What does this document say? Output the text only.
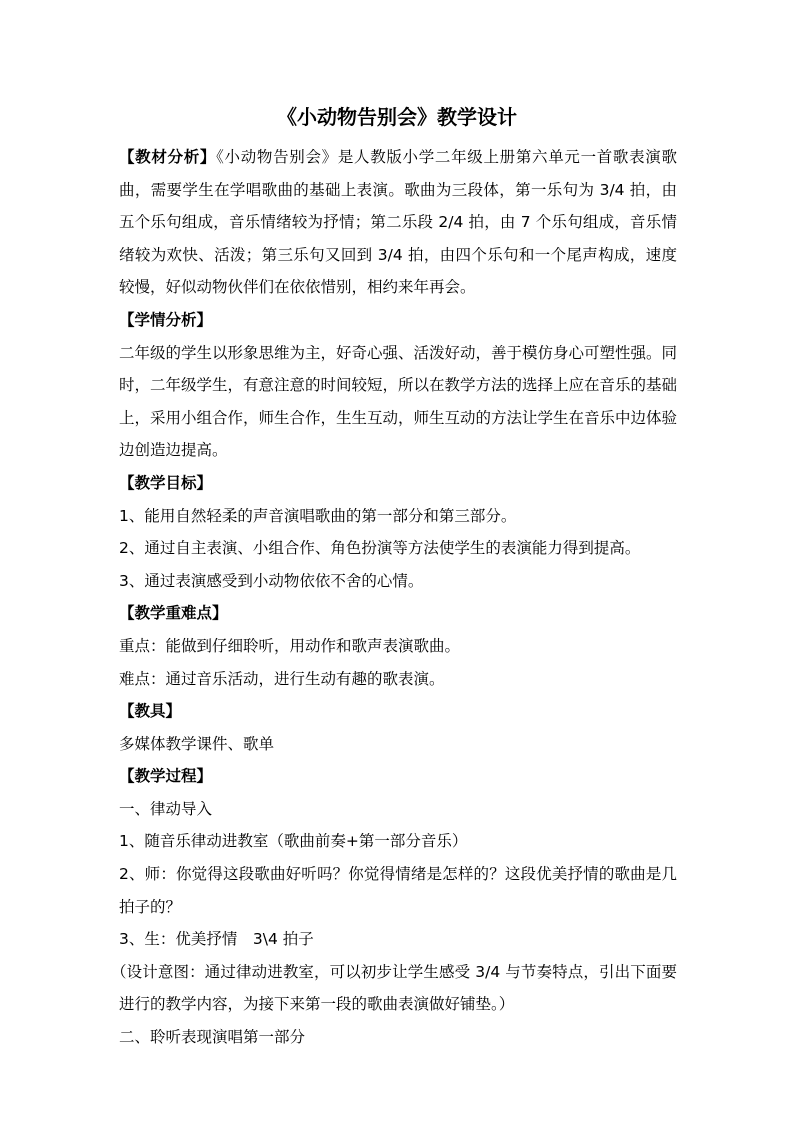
《小动物告别会》教学设计

【教材分析】《小动物告别会》是人教版小学二年级上册第六单元一首歌表演歌曲，需要学生在学唱歌曲的基础上表演。歌曲为三段体，第一乐句为 3/4 拍，由五个乐句组成，音乐情绪较为抒情；第二乐段 2/4 拍，由 7 个乐句组成，音乐情绪较为欢快、活泼；第三乐句又回到 3/4 拍，由四个乐句和一个尾声构成，速度较慢，好似动物伙伴们在依依惜别，相约来年再会。

【学情分析】

二年级的学生以形象思维为主，好奇心强、活泼好动，善于模仿身心可塑性强。同时，二年级学生，有意注意的时间较短，所以在教学方法的选择上应在音乐的基础上，采用小组合作，师生合作，生生互动，师生互动的方法让学生在音乐中边体验边创造边提高。

【教学目标】

1、能用自然轻柔的声音演唱歌曲的第一部分和第三部分。

2、通过自主表演、小组合作、角色扮演等方法使学生的表演能力得到提高。

3、通过表演感受到小动物依依不舍的心情。

【教学重难点】

重点：能做到仔细聆听，用动作和歌声表演歌曲。

难点：通过音乐活动，进行生动有趣的歌表演。

【教具】

多媒体教学课件、歌单

【教学过程】

一、律动导入

1、随音乐律动进教室（歌曲前奏+第一部分音乐）

2、师：你觉得这段歌曲好听吗？你觉得情绪是怎样的？这段优美抒情的歌曲是几拍子的？

3、生：优美抒情　3\4 拍子

（设计意图：通过律动进教室，可以初步让学生感受 3/4 与节奏特点，引出下面要进行的教学内容，为接下来第一段的歌曲表演做好铺垫。）

二、聆听表现演唱第一部分
